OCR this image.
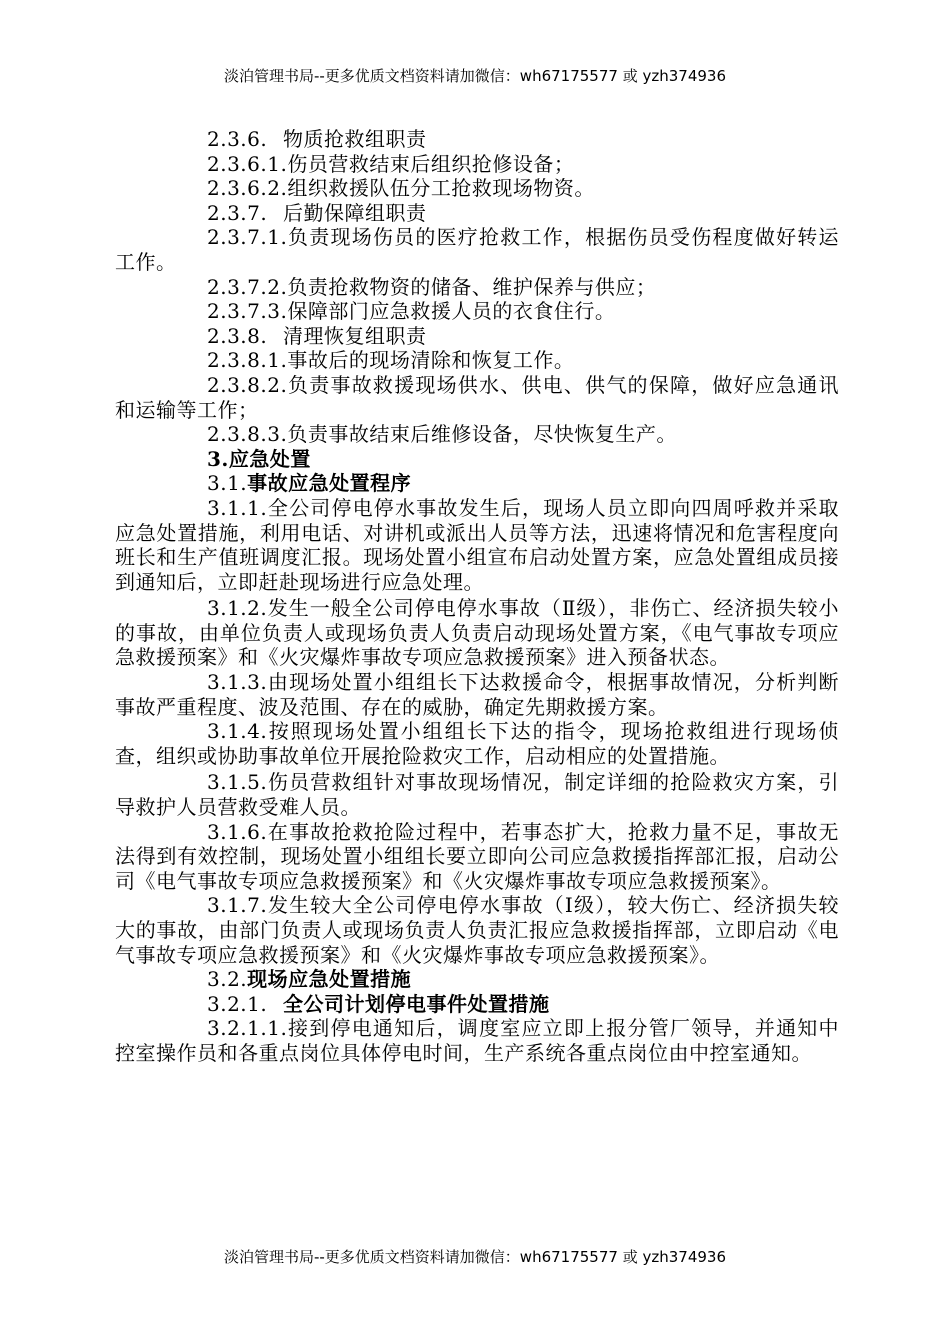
淡泊管理书局--更多优质文档资料请加微信：wh67175577 或 yzh374936

2.3.6. 物质抢救组职责

2.3.6.1.伤员营救结束后组织抢修设备；

2.3.6.2.组织救援队伍分工抢救现场物资。

2.3.7. 后勤保障组职责

2.3.7.1.负责现场伤员的医疗抢救工作，根据伤员受伤程度做好转运工作。

2.3.7.2.负责抢救物资的储备、维护保养与供应；

2.3.7.3.保障部门应急救援人员的衣食住行。

2.3.8. 清理恢复组职责

2.3.8.1.事故后的现场清除和恢复工作。

2.3.8.2.负责事故救援现场供水、供电、供气的保障，做好应急通讯和运输等工作；

2.3.8.3.负责事故结束后维修设备，尽快恢复生产。

3.应急处置

3.1.事故应急处置程序

3.1.1.全公司停电停水事故发生后，现场人员立即向四周呼救并采取应急处置措施，利用电话、对讲机或派出人员等方法，迅速将情况和危害程度向班长和生产值班调度汇报。现场处置小组宣布启动处置方案，应急处置组成员接到通知后，立即赶赴现场进行应急处理。

3.1.2.发生一般全公司停电停水事故（Ⅱ级），非伤亡、经济损失较小的事故，由单位负责人或现场负责人负责启动现场处置方案，《电气事故专项应急救援预案》和《火灾爆炸事故专项应急救援预案》进入预备状态。

3.1.3.由现场处置小组组长下达救援命令，根据事故情况，分析判断事故严重程度、波及范围、存在的威胁，确定先期救援方案。

3.1.4.按照现场处置小组组长下达的指令，现场抢救组进行现场侦查，组织或协助事故单位开展抢险救灾工作，启动相应的处置措施。

3.1.5.伤员营救组针对事故现场情况，制定详细的抢险救灾方案，引导救护人员营救受难人员。

3.1.6.在事故抢救抢险过程中，若事态扩大，抢救力量不足，事故无法得到有效控制，现场处置小组组长要立即向公司应急救援指挥部汇报，启动公司《电气事故专项应急救援预案》和《火灾爆炸事故专项应急救援预案》。

3.1.7.发生较大全公司停电停水事故（Ⅰ级），较大伤亡、经济损失较大的事故，由部门负责人或现场负责人负责汇报应急救援指挥部，立即启动《电气事故专项应急救援预案》和《火灾爆炸事故专项应急救援预案》。

3.2.现场应急处置措施

3.2.1. 全公司计划停电事件处置措施

3.2.1.1.接到停电通知后，调度室应立即上报分管厂领导，并通知中控室操作员和各重点岗位具体停电时间，生产系统各重点岗位由中控室通知。

淡泊管理书局--更多优质文档资料请加微信：wh67175577 或 yzh374936
